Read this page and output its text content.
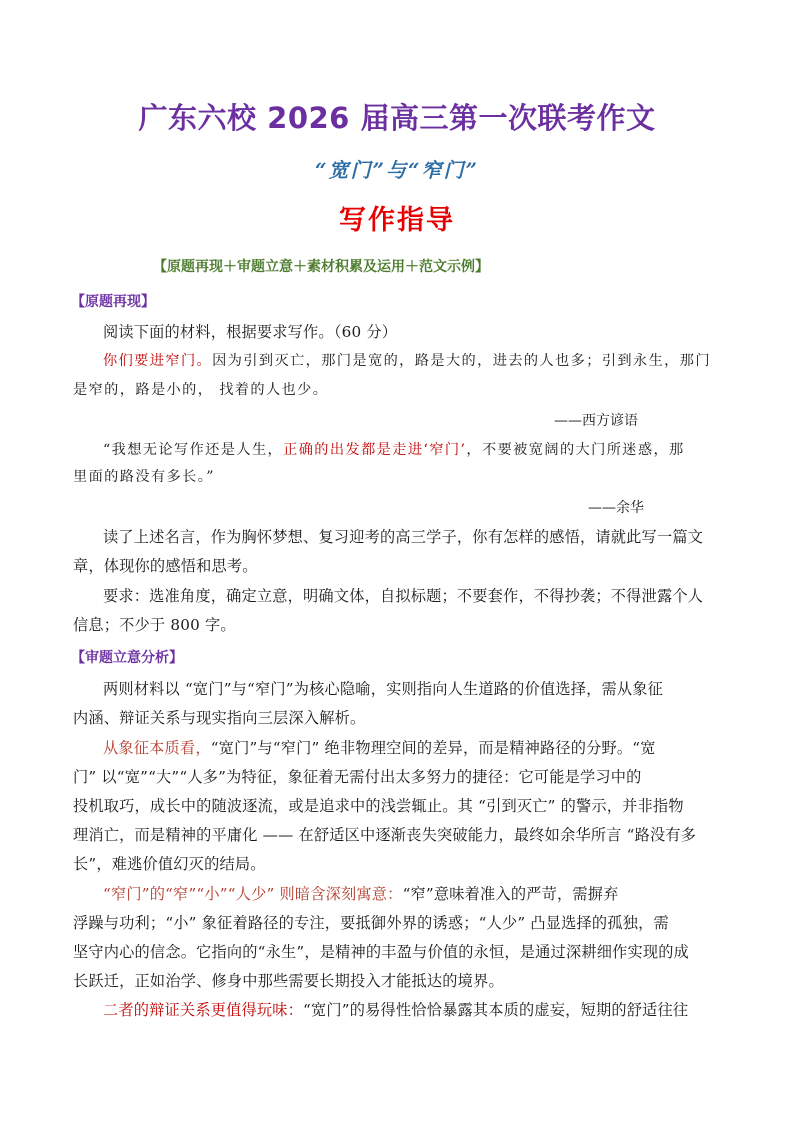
广东六校 2026 届高三第一次联考作文
“宽门”与“窄门”
写作指导
【原题再现＋审题立意＋素材积累及运用＋范文示例】
【原题再现】
阅读下面的材料，根据要求写作。（60 分）
你们要进窄门。因为引到灭亡，那门是宽的，路是大的，进去的人也多；引到永生，那门
是窄的，路是小的， 找着的人也少。
——西方谚语
“我想无论写作还是人生，正确的出发都是走进‘窄门’，不要被宽阔的大门所迷惑，那
里面的路没有多长。”
——余华
读了上述名言，作为胸怀梦想、复习迎考的高三学子，你有怎样的感悟，请就此写一篇文
章，体现你的感悟和思考。
要求：选准角度，确定立意，明确文体，自拟标题；不要套作，不得抄袭；不得泄露个人
信息；不少于 800 字。
【审题立意分析】
两则材料以 “宽门”与“窄门”为核心隐喻，实则指向人生道路的价值选择，需从象征
内涵、辩证关系与现实指向三层深入解析。
从象征本质看，“宽门”与“窄门” 绝非物理空间的差异，而是精神路径的分野。“宽
门” 以“宽”“大”“人多”为特征，象征着无需付出太多努力的捷径：它可能是学习中的
投机取巧，成长中的随波逐流，或是追求中的浅尝辄止。其 “引到灭亡” 的警示，并非指物
理消亡，而是精神的平庸化 —— 在舒适区中逐渐丧失突破能力，最终如余华所言 “路没有多
长”，难逃价值幻灭的结局。
“窄门”的“窄”“小”“人少” 则暗含深刻寓意：“窄”意味着准入的严苛，需摒弃
浮躁与功利；“小” 象征着路径的专注，要抵御外界的诱惑；“人少” 凸显选择的孤独，需
坚守内心的信念。它指向的“永生”，是精神的丰盈与价值的永恒，是通过深耕细作实现的成
长跃迁，正如治学、修身中那些需要长期投入才能抵达的境界。
二者的辩证关系更值得玩味：“宽门”的易得性恰恰暴露其本质的虚妄，短期的舒适往往
